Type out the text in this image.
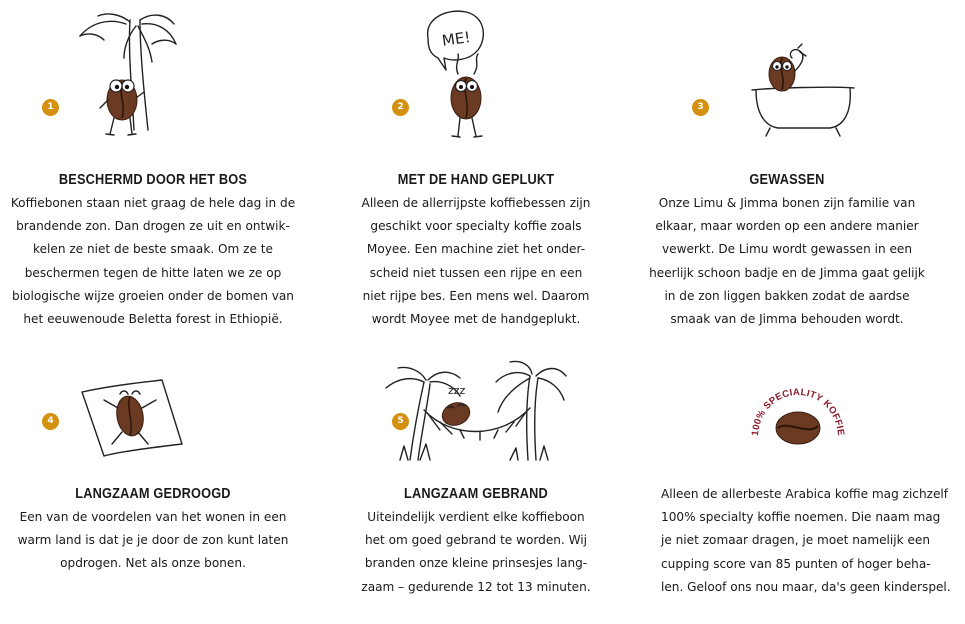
1
BESCHERMD DOOR HET BOS
Koffiebonen staan niet graag de hele dag in de
brandende zon. Dan drogen ze uit en ontwik-
kelen ze niet de beste smaak. Om ze te
beschermen tegen de hitte laten we ze op
biologische wijze groeien onder de bomen van
het eeuwenoude Beletta forest in Ethiopië.
2
ME!
MET DE HAND GEPLUKT
Alleen de allerrijpste koffiebessen zijn
geschikt voor specialty koffie zoals
Moyee. Een machine ziet het onder-
scheid niet tussen een rijpe en een
niet rijpe bes. Een mens wel. Daarom
wordt Moyee met de handgeplukt.
3
GEWASSEN
Onze Limu & Jimma bonen zijn familie van
elkaar, maar worden op een andere manier
vewerkt. De Limu wordt gewassen in een
heerlijk schoon badje en de Jimma gaat gelijk
in de zon liggen bakken zodat de aardse
smaak van de Jimma behouden wordt.
4
LANGZAAM GEDROOGD
Een van de voordelen van het wonen in een
warm land is dat je je door de zon kunt laten
opdrogen. Net als onze bonen.
5
zzz
LANGZAAM GEBRAND
Uiteindelijk verdient elke koffieboon
het om goed gebrand te worden. Wij
branden onze kleine prinsesjes lang-
zaam – gedurende 12 tot 13 minuten.
100% SPECIALITY KOFFIE
Alleen de allerbeste Arabica koffie mag zichzelf
100% specialty koffie noemen. Die naam mag
je niet zomaar dragen, je moet namelijk een
cupping score van 85 punten of hoger beha-
len. Geloof ons nou maar, da's geen kinderspel.
